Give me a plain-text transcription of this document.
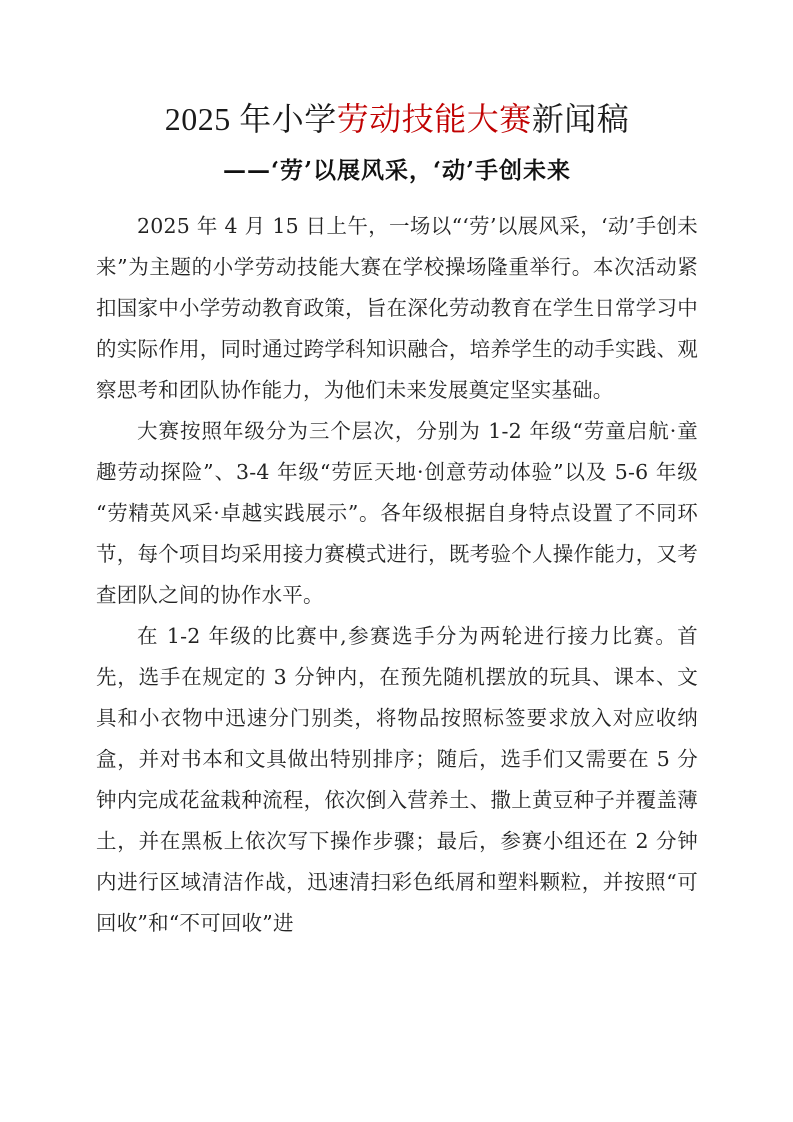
2025 年小学劳动技能大赛新闻稿
——‘劳’以展风采，‘动’手创未来

2025 年 4 月 15 日上午，一场以“‘劳’以展风采，‘动’手创未来”为主题的小学劳动技能大赛在学校操场隆重举行。本次活动紧扣国家中小学劳动教育政策，旨在深化劳动教育在学生日常学习中的实际作用，同时通过跨学科知识融合，培养学生的动手实践、观察思考和团队协作能力，为他们未来发展奠定坚实基础。

大赛按照年级分为三个层次，分别为 1-2 年级“劳童启航·童趣劳动探险”、3-4 年级“劳匠天地·创意劳动体验”以及 5-6 年级“劳精英风采·卓越实践展示”。各年级根据自身特点设置了不同环节，每个项目均采用接力赛模式进行，既考验个人操作能力，又考查团队之间的协作水平。

在 1-2 年级的比赛中,参赛选手分为两轮进行接力比赛。首先，选手在规定的 3 分钟内，在预先随机摆放的玩具、课本、文具和小衣物中迅速分门别类，将物品按照标签要求放入对应收纳盒，并对书本和文具做出特别排序；随后，选手们又需要在 5 分钟内完成花盆栽种流程，依次倒入营养土、撒上黄豆种子并覆盖薄土，并在黑板上依次写下操作步骤；最后，参赛小组还在 2 分钟内进行区域清洁作战，迅速清扫彩色纸屑和塑料颗粒，并按照“可回收”和“不可回收”进
